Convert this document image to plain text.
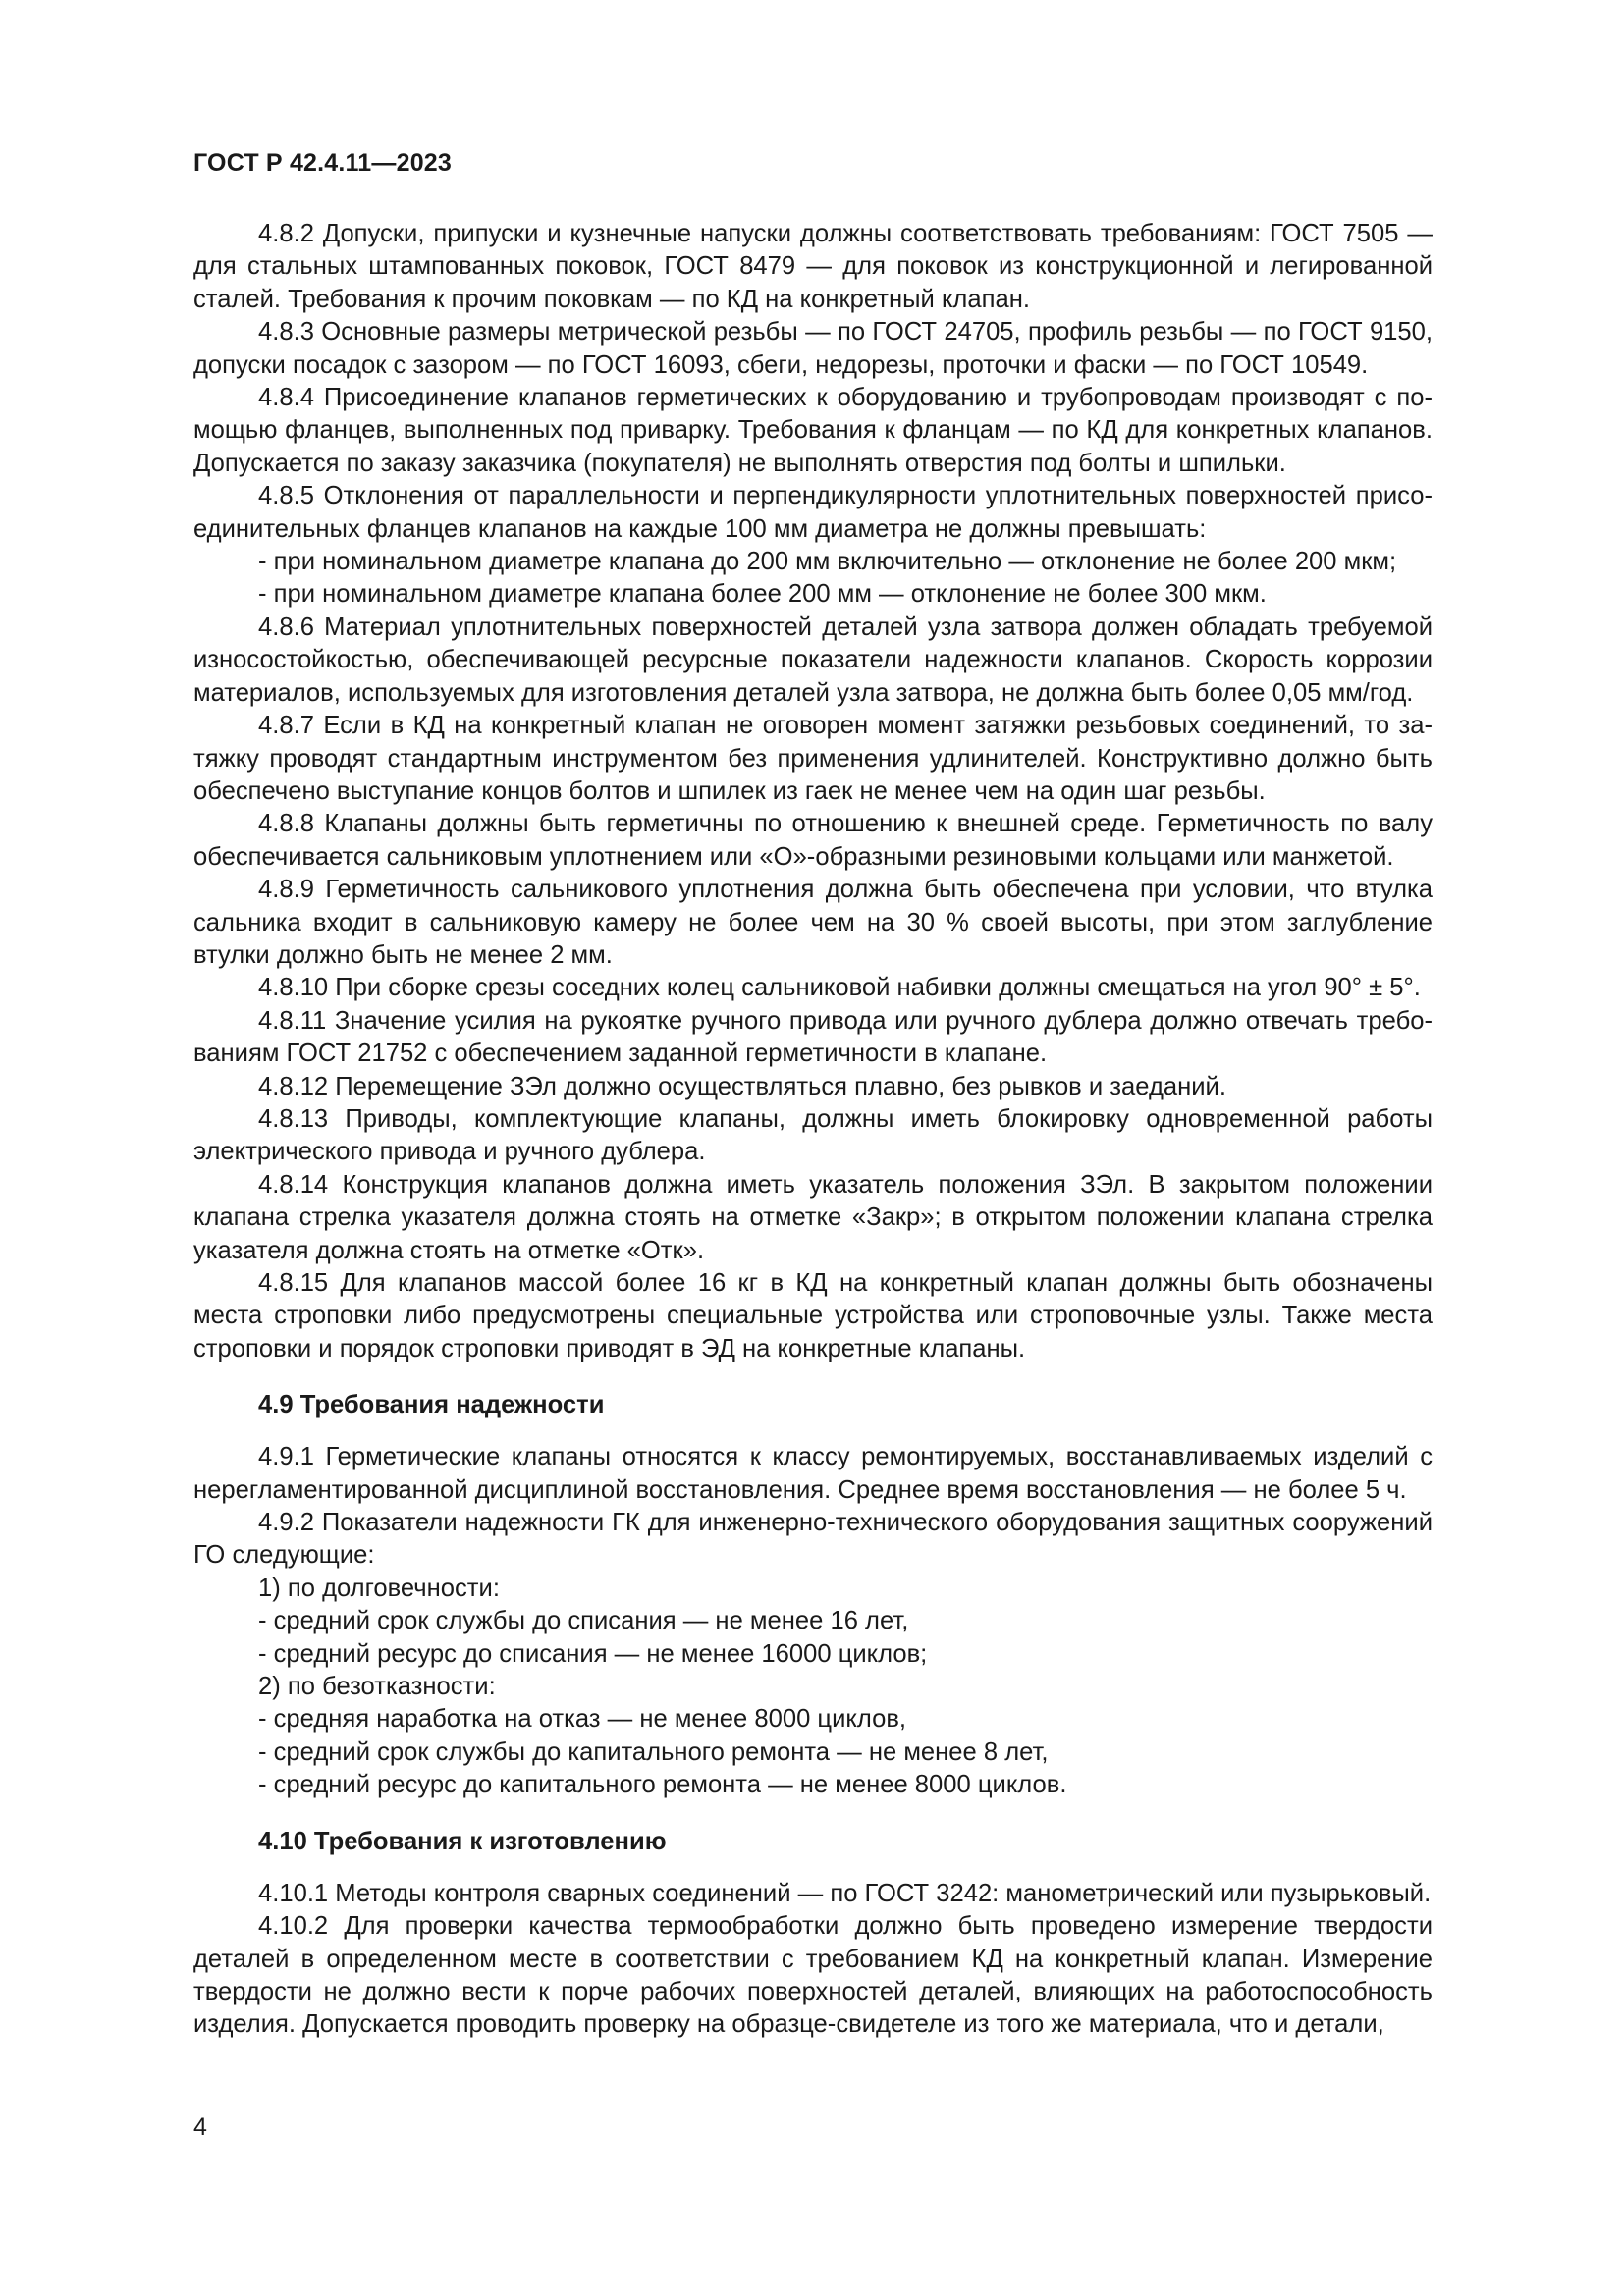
ГОСТ Р 42.4.11—2023

4.8.2 Допуски, припуски и кузнечные напуски должны соответствовать требованиям: ГОСТ 7505 — для стальных штампованных поковок, ГОСТ 8479 — для поковок из конструкционной и легированной сталей. Требования к прочим поковкам — по КД на конкретный клапан.

4.8.3 Основные размеры метрической резьбы — по ГОСТ 24705, профиль резьбы — по ГОСТ 9150, допуски посадок с зазором — по ГОСТ 16093, сбеги, недорезы, проточки и фаски — по ГОСТ 10549.

4.8.4 Присоединение клапанов герметических к оборудованию и трубопроводам производят с помощью фланцев, выполненных под приварку. Требования к фланцам — по КД для конкретных клапанов. Допускается по заказу заказчика (покупателя) не выполнять отверстия под болты и шпильки.

4.8.5 Отклонения от параллельности и перпендикулярности уплотнительных поверхностей присоединительных фланцев клапанов на каждые 100 мм диаметра не должны превышать:

- при номинальном диаметре клапана до 200 мм включительно — отклонение не более 200 мкм;

- при номинальном диаметре клапана более 200 мм — отклонение не более 300 мкм.

4.8.6 Материал уплотнительных поверхностей деталей узла затвора должен обладать требуемой износостойкостью, обеспечивающей ресурсные показатели надежности клапанов. Скорость коррозии материалов, используемых для изготовления деталей узла затвора, не должна быть более 0,05 мм/год.

4.8.7 Если в КД на конкретный клапан не оговорен момент затяжки резьбовых соединений, то затяжку проводят стандартным инструментом без применения удлинителей. Конструктивно должно быть обеспечено выступание концов болтов и шпилек из гаек не менее чем на один шаг резьбы.

4.8.8 Клапаны должны быть герметичны по отношению к внешней среде. Герметичность по валу обеспечивается сальниковым уплотнением или «О»-образными резиновыми кольцами или манжетой.

4.8.9 Герметичность сальникового уплотнения должна быть обеспечена при условии, что втулка сальника входит в сальниковую камеру не более чем на 30 % своей высоты, при этом заглубление втулки должно быть не менее 2 мм.

4.8.10 При сборке срезы соседних колец сальниковой набивки должны смещаться на угол 90° ± 5°.

4.8.11 Значение усилия на рукоятке ручного привода или ручного дублера должно отвечать требованиям ГОСТ 21752 с обеспечением заданной герметичности в клапане.

4.8.12 Перемещение ЗЭл должно осуществляться плавно, без рывков и заеданий.

4.8.13 Приводы, комплектующие клапаны, должны иметь блокировку одновременной работы электрического привода и ручного дублера.

4.8.14 Конструкция клапанов должна иметь указатель положения ЗЭл. В закрытом положении клапана стрелка указателя должна стоять на отметке «Закр»; в открытом положении клапана стрелка указателя должна стоять на отметке «Отк».

4.8.15 Для клапанов массой более 16 кг в КД на конкретный клапан должны быть обозначены места строповки либо предусмотрены специальные устройства или строповочные узлы. Также места строповки и порядок строповки приводят в ЭД на конкретные клапаны.

4.9 Требования надежности

4.9.1 Герметические клапаны относятся к классу ремонтируемых, восстанавливаемых изделий с нерегламентированной дисциплиной восстановления. Среднее время восстановления — не более 5 ч.

4.9.2 Показатели надежности ГК для инженерно-технического оборудования защитных сооружений ГО следующие:

1) по долговечности:

- средний срок службы до списания — не менее 16 лет,

- средний ресурс до списания — не менее 16000 циклов;

2) по безотказности:

- средняя наработка на отказ — не менее 8000 циклов,

- средний срок службы до капитального ремонта — не менее 8 лет,

- средний ресурс до капитального ремонта — не менее 8000 циклов.

4.10 Требования к изготовлению

4.10.1 Методы контроля сварных соединений — по ГОСТ 3242: манометрический или пузырьковый.

4.10.2 Для проверки качества термообработки должно быть проведено измерение твердости деталей в определенном месте в соответствии с требованием КД на конкретный клапан. Измерение твердости не должно вести к порче рабочих поверхностей деталей, влияющих на работоспособность изделия. Допускается проводить проверку на образце-свидетеле из того же материала, что и детали,

4
